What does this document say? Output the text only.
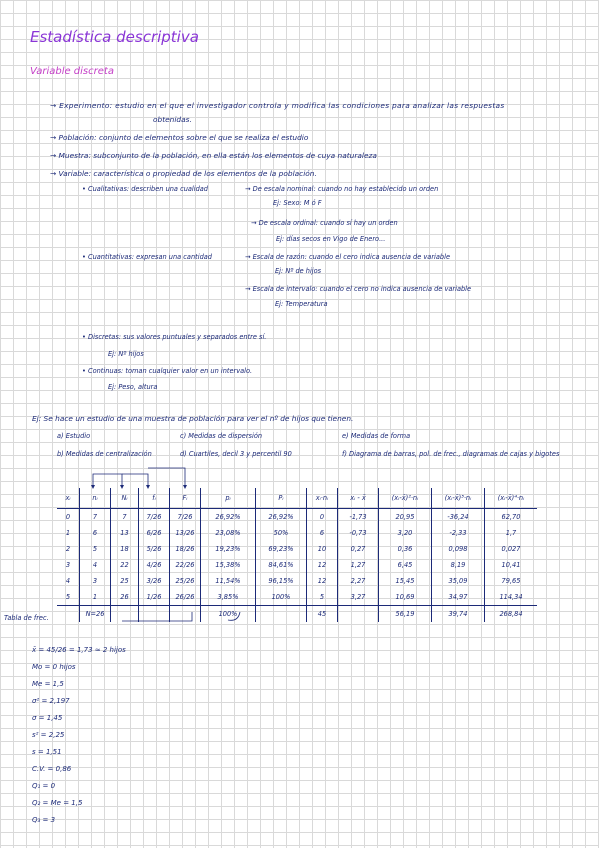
Estadística descriptiva
Variable discreta
→ Experimento: estudio en el que el investigador controla y modifica las condiciones para analizar las respuestas
obtenidas.
→ Población: conjunto de elementos sobre el que se realiza el estudio
→ Muestra: subconjunto de la población, en ella están los elementos de cuya naturaleza
→ Variable: característica o propiedad de los elementos de la población.
• Cualitativas: describen una cualidad	→ De escala nominal: cuando no hay establecido un orden
Ej: Sexo: M ó F
→ De escala ordinal: cuando sí hay un orden
Ej: días secos en Vigo de Enero...
• Cuantitativas: expresan una cantidad	→ Escala de razón: cuando el cero indica ausencia de variable
Ej: Nº de hijos
→ Escala de intervalo: cuando el cero no indica ausencia de variable
Ej: Temperatura
• Discretas: sus valores puntuales y separados entre sí.
Ej: Nº hijos
• Continuas: toman cualquier valor en un intervalo.
Ej: Peso, altura
Ej: Se hace un estudio de una muestra de población para ver el nº de hijos que tienen.
a) Estudio	c) Medidas de dispersión	e) Medidas de forma
b) Medidas de centralización	d) Cuartiles, decil 3 y percentil 90	f) Diagrama de barras, pol. de frec., diagramas de cajas y bigotes
xᵢ	nᵢ	Nᵢ	fᵢ	Fᵢ	pᵢ	Pᵢ	xᵢ·nᵢ	xᵢ - x̄	(xᵢ-x̄)²·nᵢ	(xᵢ-x̄)³·nᵢ	(xᵢ-x̄)⁴·nᵢ
0	7	7	7/26	7/26	26,92%	26,92%	0	-1,73	20,95	-36,24	62,70
1	6	13	6/26	13/26	23,08%	50%	6	-0,73	3,20	-2,33	1,7
2	5	18	5/26	18/26	19,23%	69,23%	10	0,27	0,36	0,098	0,027
3	4	22	4/26	22/26	15,38%	84,61%	12	1,27	6,45	8,19	10,41
4	3	25	3/26	25/26	11,54%	96,15%	12	2,27	15,45	35,09	79,65
5	1	26	1/26	26/26	3,85%	100%	5	3,27	10,69	34,97	114,34
	N=26				100%		45		56,19	39,74	268,84
Tabla de frec.
x̄ = 45/26 = 1,73 ≈ 2 hijos
Mo = 0 hijos
Me = 1,5
σ² = 2,197
σ = 1,45
s² = 2,25
s = 1,51
C.V. = 0,86
Q₁ = 0
Q₂ = Me = 1,5
Q₃ = 3
